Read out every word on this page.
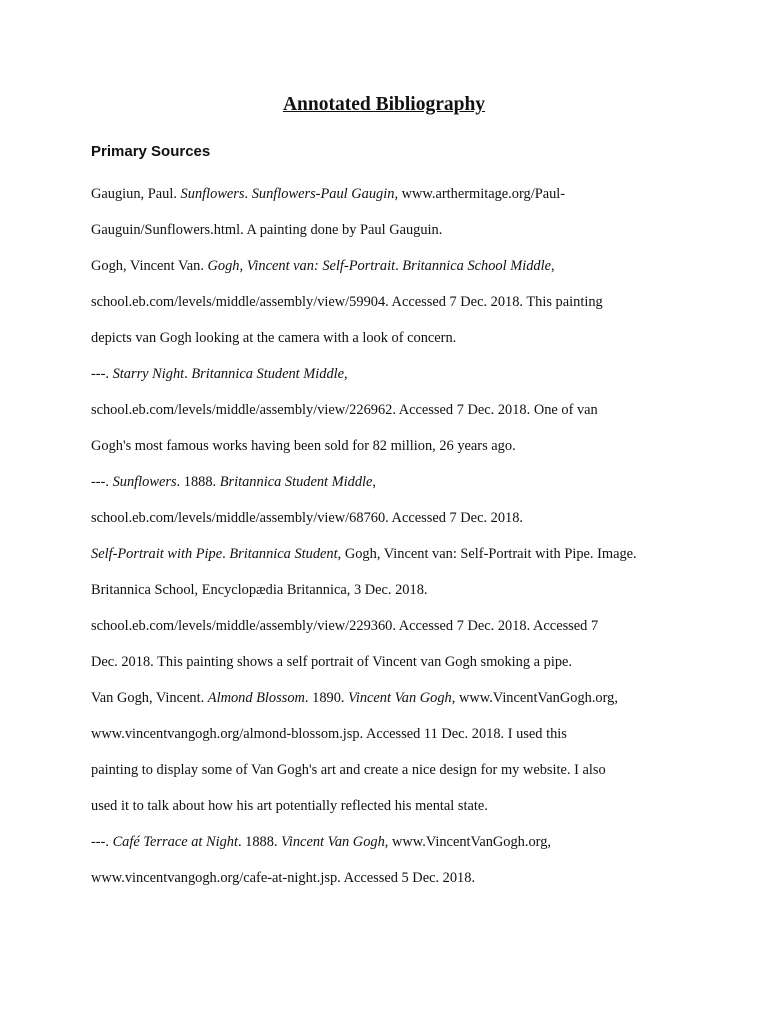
Annotated Bibliography
Primary Sources

Gaugiun, Paul. Sunflowers. Sunflowers-Paul Gaugin, www.arthermitage.org/Paul-
Gauguin/Sunflowers.html. A painting done by Paul Gauguin.

Gogh, Vincent Van. Gogh, Vincent van: Self-Portrait. Britannica School Middle,
school.eb.com/levels/middle/assembly/view/59904. Accessed 7 Dec. 2018. This painting
depicts van Gogh looking at the camera with a look of concern.

---. Starry Night. Britannica Student Middle,
school.eb.com/levels/middle/assembly/view/226962. Accessed 7 Dec. 2018. One of van
Gogh's most famous works having been sold for 82 million, 26 years ago.

---. Sunflowers. 1888. Britannica Student Middle,
school.eb.com/levels/middle/assembly/view/68760. Accessed 7 Dec. 2018.

Self-Portrait with Pipe. Britannica Student, Gogh, Vincent van: Self-Portrait with Pipe. Image.
Britannica School, Encyclopædia Britannica, 3 Dec. 2018.
school.eb.com/levels/middle/assembly/view/229360. Accessed 7 Dec. 2018. Accessed 7
Dec. 2018. This painting shows a self portrait of Vincent van Gogh smoking a pipe.

Van Gogh, Vincent. Almond Blossom. 1890. Vincent Van Gogh, www.VincentVanGogh.org,
www.vincentvangogh.org/almond-blossom.jsp. Accessed 11 Dec. 2018. I used this
painting to display some of Van Gogh's art and create a nice design for my website. I also
used it to talk about how his art potentially reflected his mental state.

---. Café Terrace at Night. 1888. Vincent Van Gogh, www.VincentVanGogh.org,
www.vincentvangogh.org/cafe-at-night.jsp. Accessed 5 Dec. 2018.
